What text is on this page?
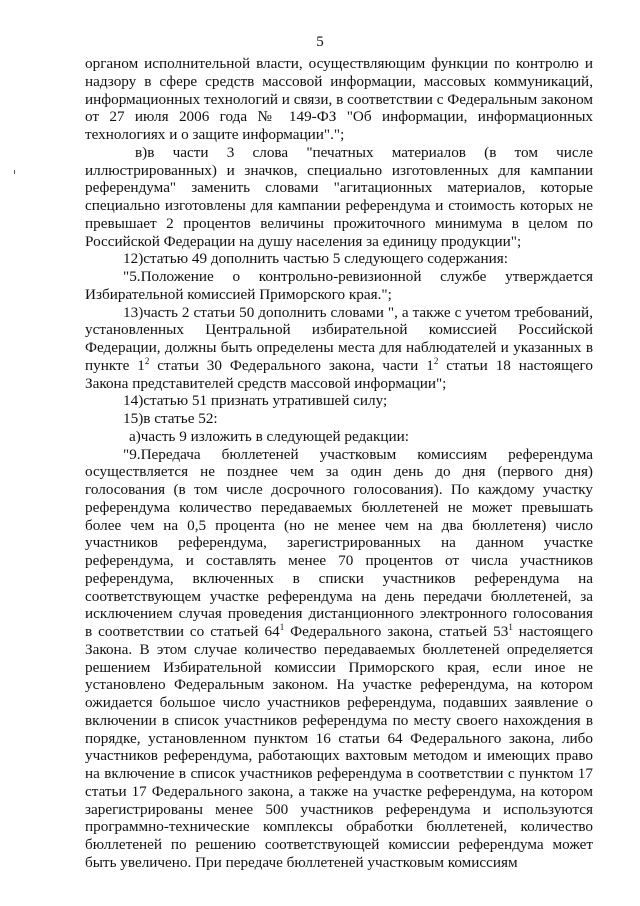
5

органом исполнительной власти, осуществляющим функции по контролю и надзору в сфере средств массовой информации, массовых коммуникаций, информационных технологий и связи, в соответствии с Федеральным законом от 27 июля 2006 года № 149-ФЗ "Об информации, информационных технологиях и о защите информации".";

в)в части 3 слова "печатных материалов (в том числе иллюстрированных) и значков, специально изготовленных для кампании референдума" заменить словами "агитационных материалов, которые специально изготовлены для кампании референдума и стоимость которых не превышает 2 процентов величины прожиточного минимума в целом по Российской Федерации на душу населения за единицу продукции";

12)статью 49 дополнить частью 5 следующего содержания:

"5.Положение о контрольно-ревизионной службе утверждается Избирательной комиссией Приморского края.";

13)часть 2 статьи 50 дополнить словами ", а также с учетом требований, установленных Центральной избирательной комиссией Российской Федерации, должны быть определены места для наблюдателей и указанных в пункте $1^2$ статьи 30 Федерального закона, части $1^2$ статьи 18 настоящего Закона представителей средств массовой информации";

14)статью 51 признать утратившей силу;

15)в статье 52:

а)часть 9 изложить в следующей редакции:

"9.Передача бюллетеней участковым комиссиям референдума осуществляется не позднее чем за один день до дня (первого дня) голосования (в том числе досрочного голосования). По каждому участку референдума количество передаваемых бюллетеней не может превышать более чем на 0,5 процента (но не менее чем на два бюллетеня) число участников референдума, зарегистрированных на данном участке референдума, и составлять менее 70 процентов от числа участников референдума, включенных в списки участников референдума на соответствующем участке референдума на день передачи бюллетеней, за исключением случая проведения дистанционного электронного голосования в соответствии со статьей $64^1$ Федерального закона, статьей $53^1$ настоящего Закона. В этом случае количество передаваемых бюллетеней определяется решением Избирательной комиссии Приморского края, если иное не установлено Федеральным законом. На участке референдума, на котором ожидается большое число участников референдума, подавших заявление о включении в список участников референдума по месту своего нахождения в порядке, установленном пунктом 16 статьи 64 Федерального закона, либо участников референдума, работающих вахтовым методом и имеющих право на включение в список участников референдума в соответствии с пунктом 17 статьи 17 Федерального закона, а также на участке референдума, на котором зарегистрированы менее 500 участников референдума и используются программно-технические комплексы обработки бюллетеней, количество бюллетеней по решению соответствующей комиссии референдума может быть увеличено. При передаче бюллетеней участковым комиссиям
